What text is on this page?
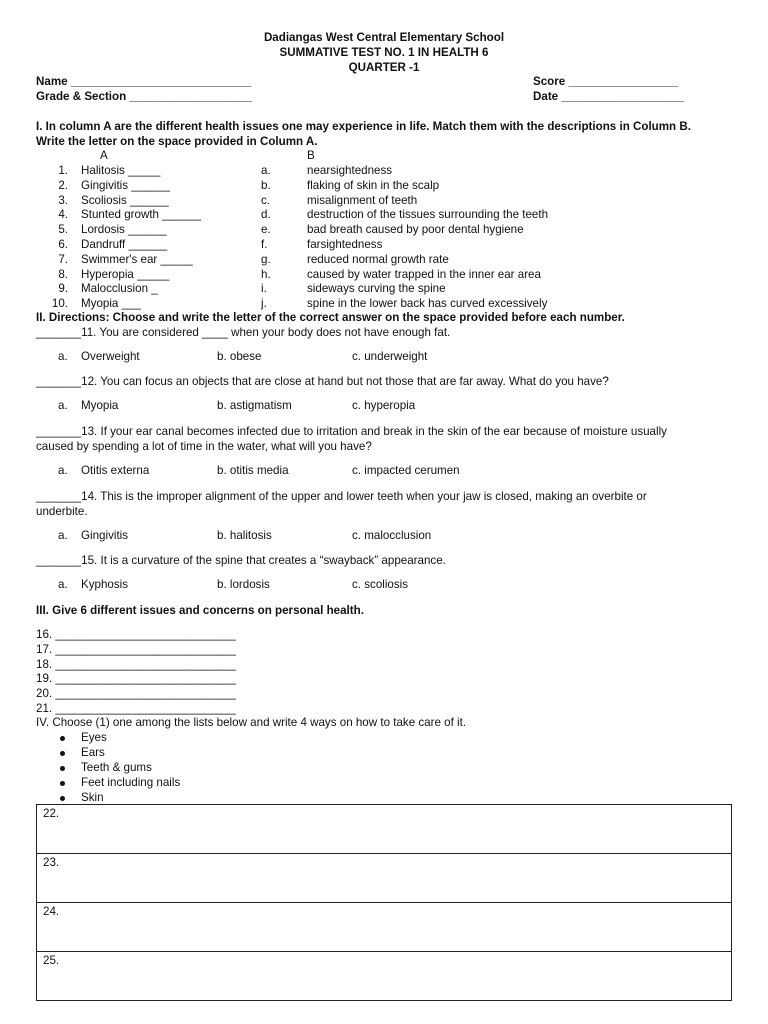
Dadiangas West Central Elementary School
SUMMATIVE TEST NO. 1 IN HEALTH 6
QUARTER -1
Name ____________________________	Score _________________
Grade & Section ___________________	Date ___________________
I. In column A are the different health issues one may experience in life. Match them with the descriptions in Column B.
Write the letter on the space provided in Column A.
A	B
1. Halitosis _____	a.	nearsightedness
2. Gingivitis ______	b.	flaking of skin in the scalp
3. Scoliosis ______	c.	misalignment of teeth
4. Stunted growth ______	d.	destruction of the tissues surrounding the teeth
5. Lordosis ______	e.	bad breath caused by poor dental hygiene
6. Dandruff ______	f.	farsightedness
7. Swimmer's ear _____	g.	reduced normal growth rate
8. Hyperopia _____	h.	caused by water trapped in the inner ear area
9. Malocclusion _	i.	sideways curving the spine
10. Myopia ___	j.	spine in the lower back has curved excessively
II. Directions: Choose and write the letter of the correct answer on the space provided before each number.
_______11. You are considered ____ when your body does not have enough fat.
a. Overweight	b. obese	c. underweight
_______12. You can focus an objects that are close at hand but not those that are far away. What do you have?
a. Myopia	b. astigmatism	c. hyperopia
_______13. If your ear canal becomes infected due to irritation and break in the skin of the ear because of moisture usually
caused by spending a lot of time in the water, what will you have?
a. Otitis externa	b. otitis media	c. impacted cerumen
_______14. This is the improper alignment of the upper and lower teeth when your jaw is closed, making an overbite or
underbite.
a. Gingivitis	b. halitosis	c. malocclusion
_______15. It is a curvature of the spine that creates a “swayback” appearance.
a. Kyphosis	b. lordosis	c. scoliosis
III. Give 6 different issues and concerns on personal health.
16. ____________________________
17. ____________________________
18. ____________________________
19. ____________________________
20. ____________________________
21. ____________________________
IV. Choose (1) one among the lists below and write 4 ways on how to take care of it.
Eyes
Ears
Teeth & gums
Feet including nails
Skin
22.
23.
24.
25.
